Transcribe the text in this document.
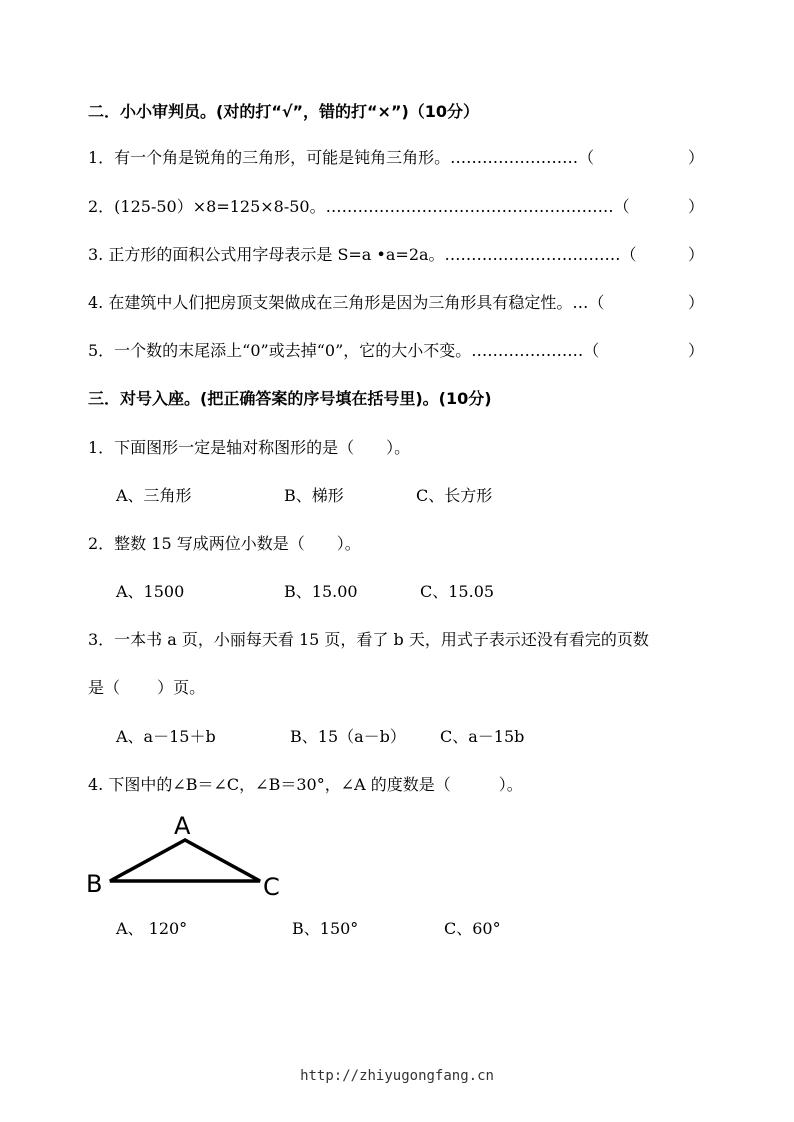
二．小小审判员。(对的打“√”，错的打“×”)（10分）
1．有一个角是锐角的三角形，可能是钝角三角形。……………………（	）
2．(125-50）×8=125×8-50。………………………………………………（	）
3. 正方形的面积公式用字母表示是 S=a •a=2a。……………………………（	）
4. 在建筑中人们把房顶支架做成在三角形是因为三角形具有稳定性。…（	）
5．一个数的末尾添上“0”或去掉“0”，它的大小不变。…………………（	）
三．对号入座。(把正确答案的序号填在括号里)。(10分)
1．下面图形一定是轴对称图形的是（　　）。
A、三角形	B、梯形	C、长方形
2．整数 15 写成两位小数是（　　）。
A、1500	B、15.00	C、15.05
3．一本书 a 页，小丽每天看 15 页，看了 b 天，用式子表示还没有看完的页数
是（　　 ）页。
A、a－15＋b	B、15（a－b） C、a－15b
4. 下图中的∠B＝∠C，∠B＝30°，∠A 的度数是（　　　）。
A
B	C
A、 120°	B、150°	C、60°
http://zhiyugongfang.cn
